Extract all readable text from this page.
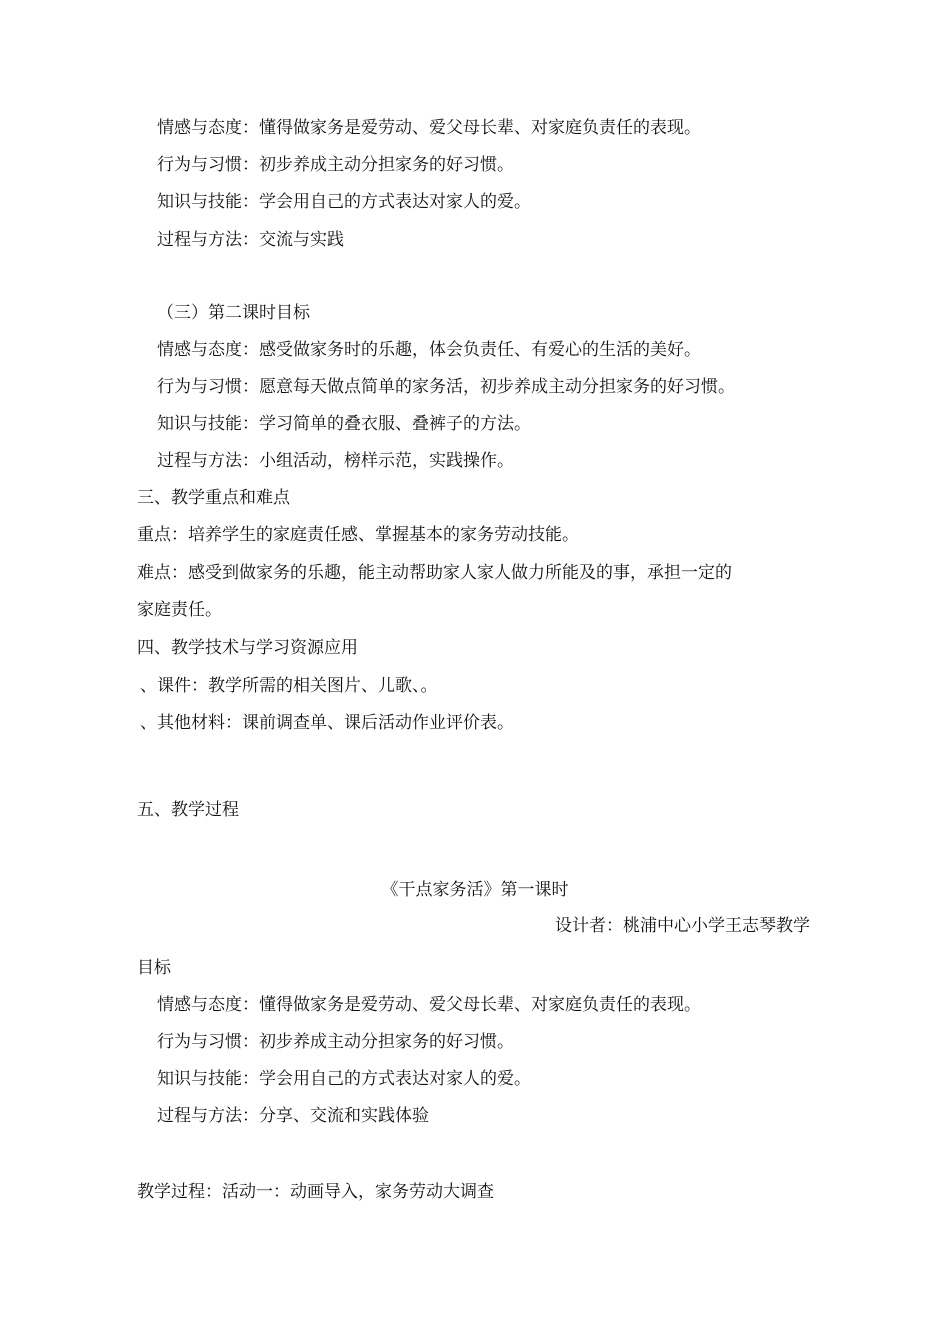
情感与态度：懂得做家务是爱劳动、爱父母长辈、对家庭负责任的表现。
行为与习惯：初步养成主动分担家务的好习惯。
知识与技能：学会用自己的方式表达对家人的爱。
过程与方法：交流与实践
（三）第二课时目标
情感与态度：感受做家务时的乐趣，体会负责任、有爱心的生活的美好。
行为与习惯：愿意每天做点简单的家务活，初步养成主动分担家务的好习惯。
知识与技能：学习简单的叠衣服、叠裤子的方法。
过程与方法：小组活动，榜样示范，实践操作。
三、教学重点和难点
重点：培养学生的家庭责任感、掌握基本的家务劳动技能。
难点：感受到做家务的乐趣，能主动帮助家人家人做力所能及的事，承担一定的
家庭责任。
四、教学技术与学习资源应用
、课件：教学所需的相关图片、儿歌、。
、其他材料：课前调查单、课后活动作业评价表。
五、教学过程
《干点家务活》第一课时
设计者：桃浦中心小学王志琴教学
目标
情感与态度：懂得做家务是爱劳动、爱父母长辈、对家庭负责任的表现。
行为与习惯：初步养成主动分担家务的好习惯。
知识与技能：学会用自己的方式表达对家人的爱。
过程与方法：分享、交流和实践体验
教学过程：活动一：动画导入，家务劳动大调查
